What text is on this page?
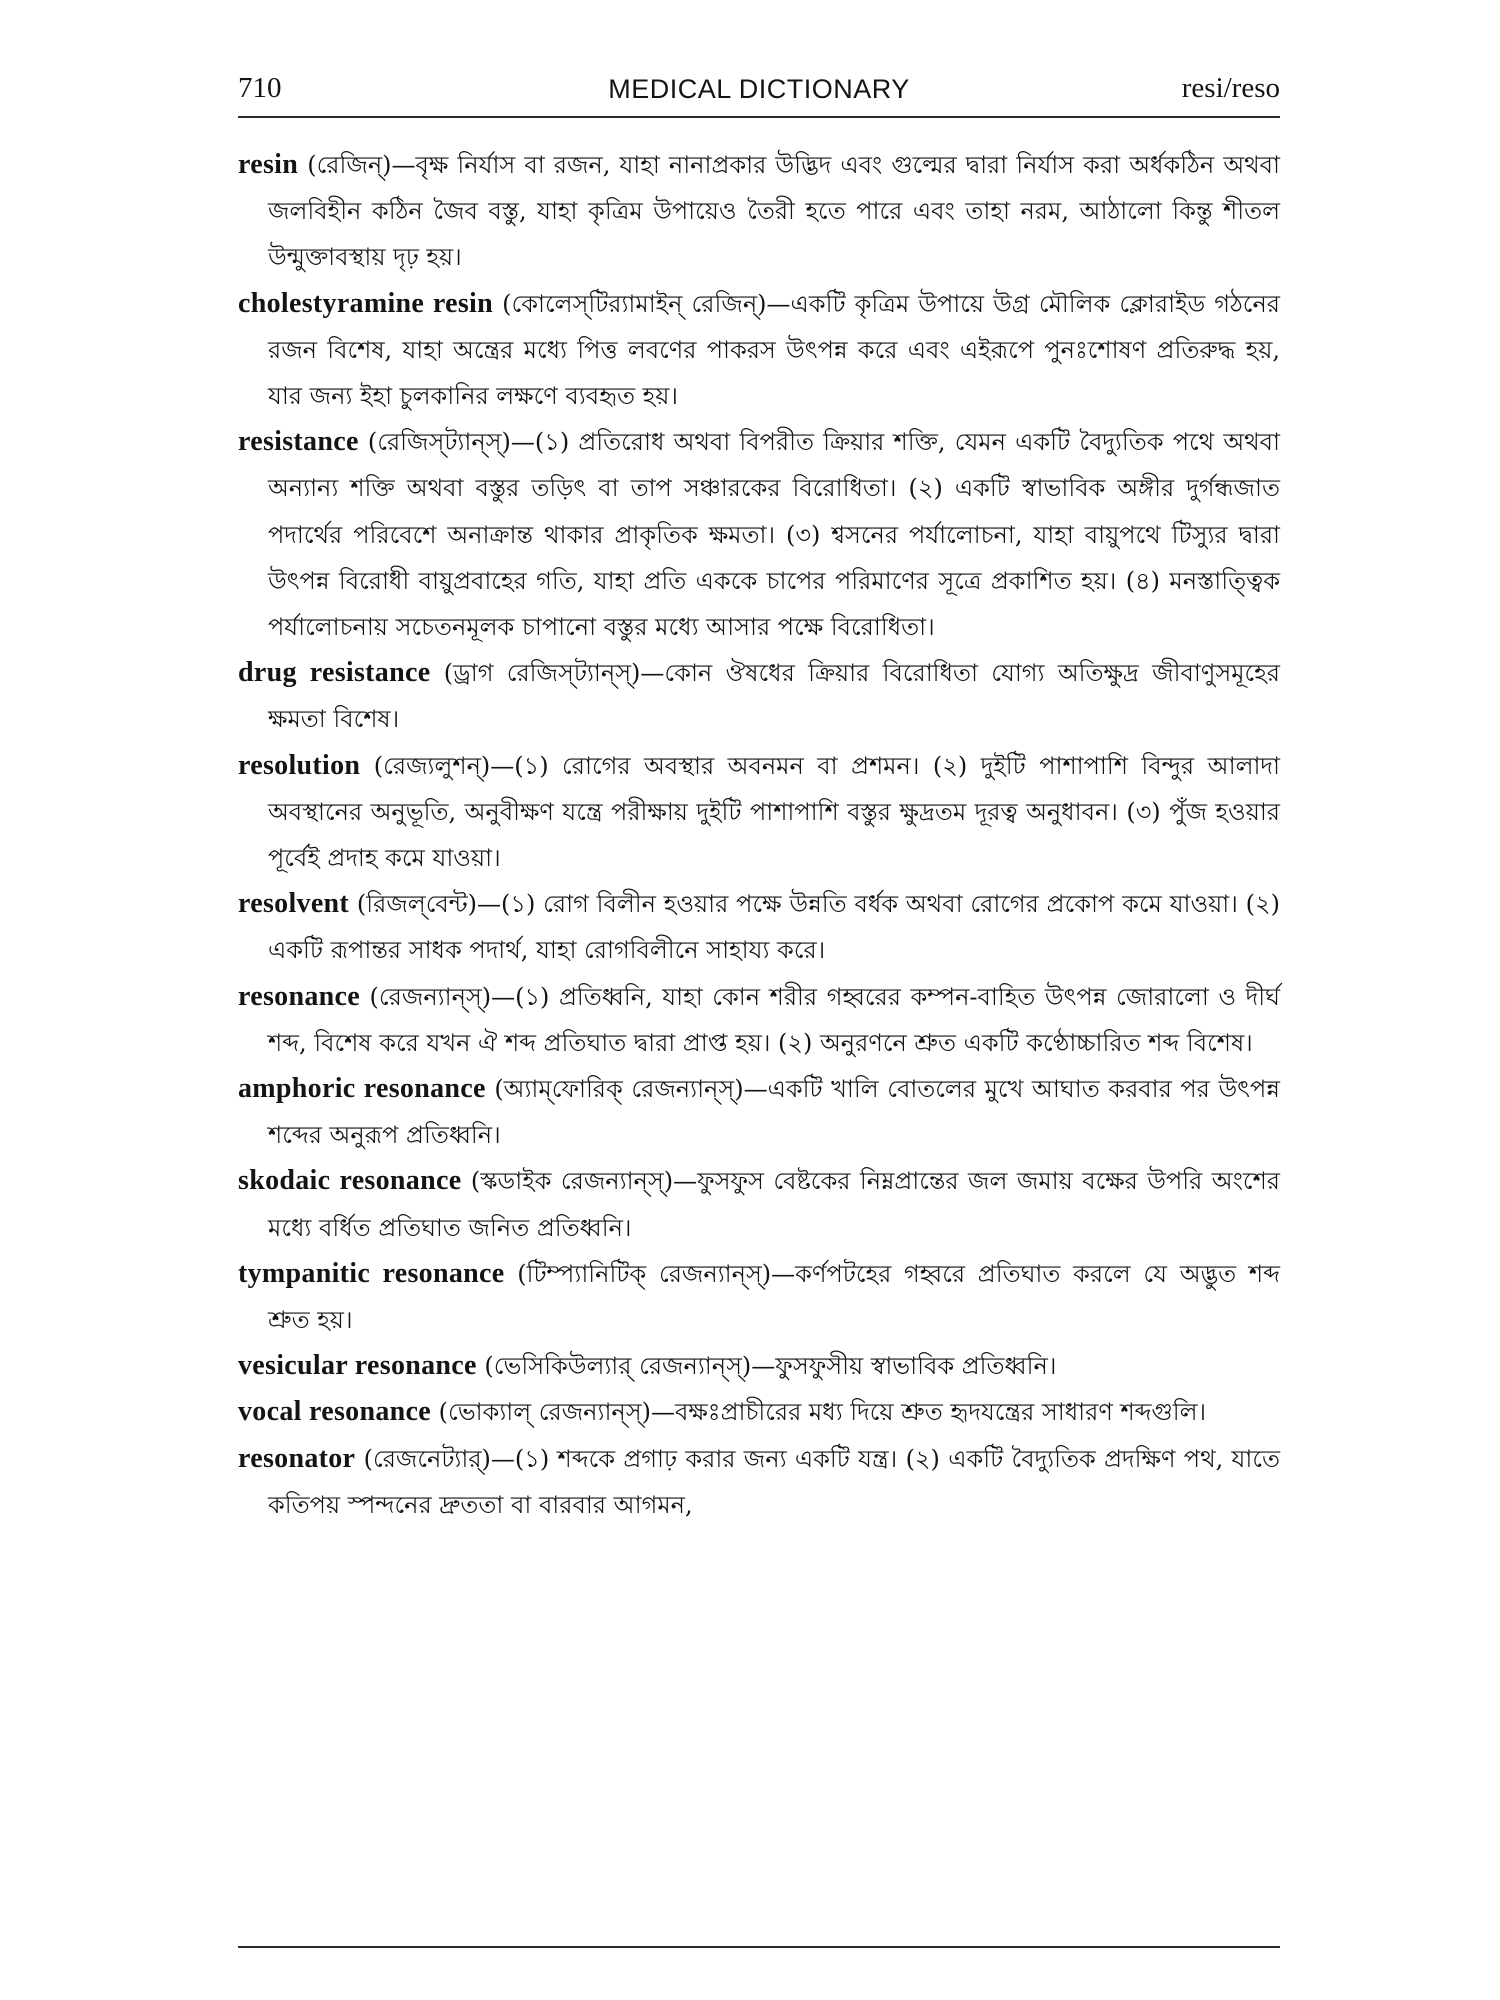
710	MEDICAL DICTIONARY	resi/reso

resin (রেজিন্)—বৃক্ষ নির্যাস বা রজন, যাহা নানাপ্রকার উদ্ভিদ এবং গুল্মের দ্বারা নির্যাস করা অর্ধকঠিন অথবা জলবিহীন কঠিন জৈব বস্তু, যাহা কৃত্রিম উপায়েও তৈরী হতে পারে এবং তাহা নরম, আঠালো কিন্তু শীতল উন্মুক্তাবস্থায় দৃঢ় হয়।

cholestyramine resin (কোলেস্‌টির‍্যামাইন্ রেজিন্)—একটি কৃত্রিম উপায়ে উগ্র মৌলিক ক্লোরাইড গঠনের রজন বিশেষ, যাহা অন্ত্রের মধ্যে পিত্ত লবণের পাকরস উৎপন্ন করে এবং এইরূপে পুনঃশোষণ প্রতিরুদ্ধ হয়, যার জন্য ইহা চুলকানির লক্ষণে ব্যবহৃত হয়।

resistance (রেজিস্‌ট্যান্স্)—(১) প্রতিরোধ অথবা বিপরীত ক্রিয়ার শক্তি, যেমন একটি বৈদ্যুতিক পথে অথবা অন্যান্য শক্তি অথবা বস্তুর তড়িৎ বা তাপ সঞ্চারকের বিরোধিতা। (২) একটি স্বাভাবিক অঙ্গীর দুর্গন্ধজাত পদার্থের পরিবেশে অনাক্রান্ত থাকার প্রাকৃতিক ক্ষমতা। (৩) শ্বসনের পর্যালোচনা, যাহা বায়ুপথে টিস্যুর দ্বারা উৎপন্ন বিরোধী বায়ুপ্রবাহের গতি, যাহা প্রতি এককে চাপের পরিমাণের সূত্রে প্রকাশিত হয়। (৪) মনস্তাত্ত্বিক পর্যালোচনায় সচেতনমূলক চাপানো বস্তুর মধ্যে আসার পক্ষে বিরোধিতা।

drug resistance (ড্রাগ রেজিস্‌ট্যান্স্)—কোন ঔষধের ক্রিয়ার বিরোধিতা যোগ্য অতিক্ষুদ্র জীবাণুসমূহের ক্ষমতা বিশেষ।

resolution (রেজ্যলুশন্)—(১) রোগের অবস্থার অবনমন বা প্রশমন। (২) দুইটি পাশাপাশি বিন্দুর আলাদা অবস্থানের অনুভূতি, অনুবীক্ষণ যন্ত্রে পরীক্ষায় দুইটি পাশাপাশি বস্তুর ক্ষুদ্রতম দূরত্ব অনুধাবন। (৩) পুঁজ হওয়ার পূর্বেই প্রদাহ কমে যাওয়া।

resolvent (রিজল্‌বেন্ট)—(১) রোগ বিলীন হওয়ার পক্ষে উন্নতি বর্ধক অথবা রোগের প্রকোপ কমে যাওয়া। (২) একটি রূপান্তর সাধক পদার্থ, যাহা রোগবিলীনে সাহায্য করে।

resonance (রেজন্যান্স্)—(১) প্রতিধ্বনি, যাহা কোন শরীর গহ্বরের কম্পন-বাহিত উৎপন্ন জোরালো ও দীর্ঘ শব্দ, বিশেষ করে যখন ঐ শব্দ প্রতিঘাত দ্বারা প্রাপ্ত হয়। (২) অনুরণনে শ্রুত একটি কণ্ঠোচ্চারিত শব্দ বিশেষ।

amphoric resonance (অ্যাম্‌ফোরিক্ রেজন্যান্স্)—একটি খালি বোতলের মুখে আঘাত করবার পর উৎপন্ন শব্দের অনুরূপ প্রতিধ্বনি।

skodaic resonance (স্কডাইক রেজন্যান্স্)—ফুসফুস বেষ্টকের নিম্নপ্রান্তের জল জমায় বক্ষের উপরি অংশের মধ্যে বর্ধিত প্রতিঘাত জনিত প্রতিধ্বনি।

tympanitic resonance (টিম্প্যানিটিক্ রেজন্যান্স্)—কর্ণপটহের গহ্বরে প্রতিঘাত করলে যে অদ্ভুত শব্দ শ্রুত হয়।

vesicular resonance (ভেসিকিউল্যার্ রেজন্যান্স্)—ফুসফুসীয় স্বাভাবিক প্রতিধ্বনি।

vocal resonance (ভোক্যাল্ রেজন্যান্স্)—বক্ষঃপ্রাচীরের মধ্য দিয়ে শ্রুত হৃদযন্ত্রের সাধারণ শব্দগুলি।

resonator (রেজনেট্যার্)—(১) শব্দকে প্রগাঢ় করার জন্য একটি যন্ত্র। (২) একটি বৈদ্যুতিক প্রদক্ষিণ পথ, যাতে কতিপয় স্পন্দনের দ্রুততা বা বারবার আগমন,
